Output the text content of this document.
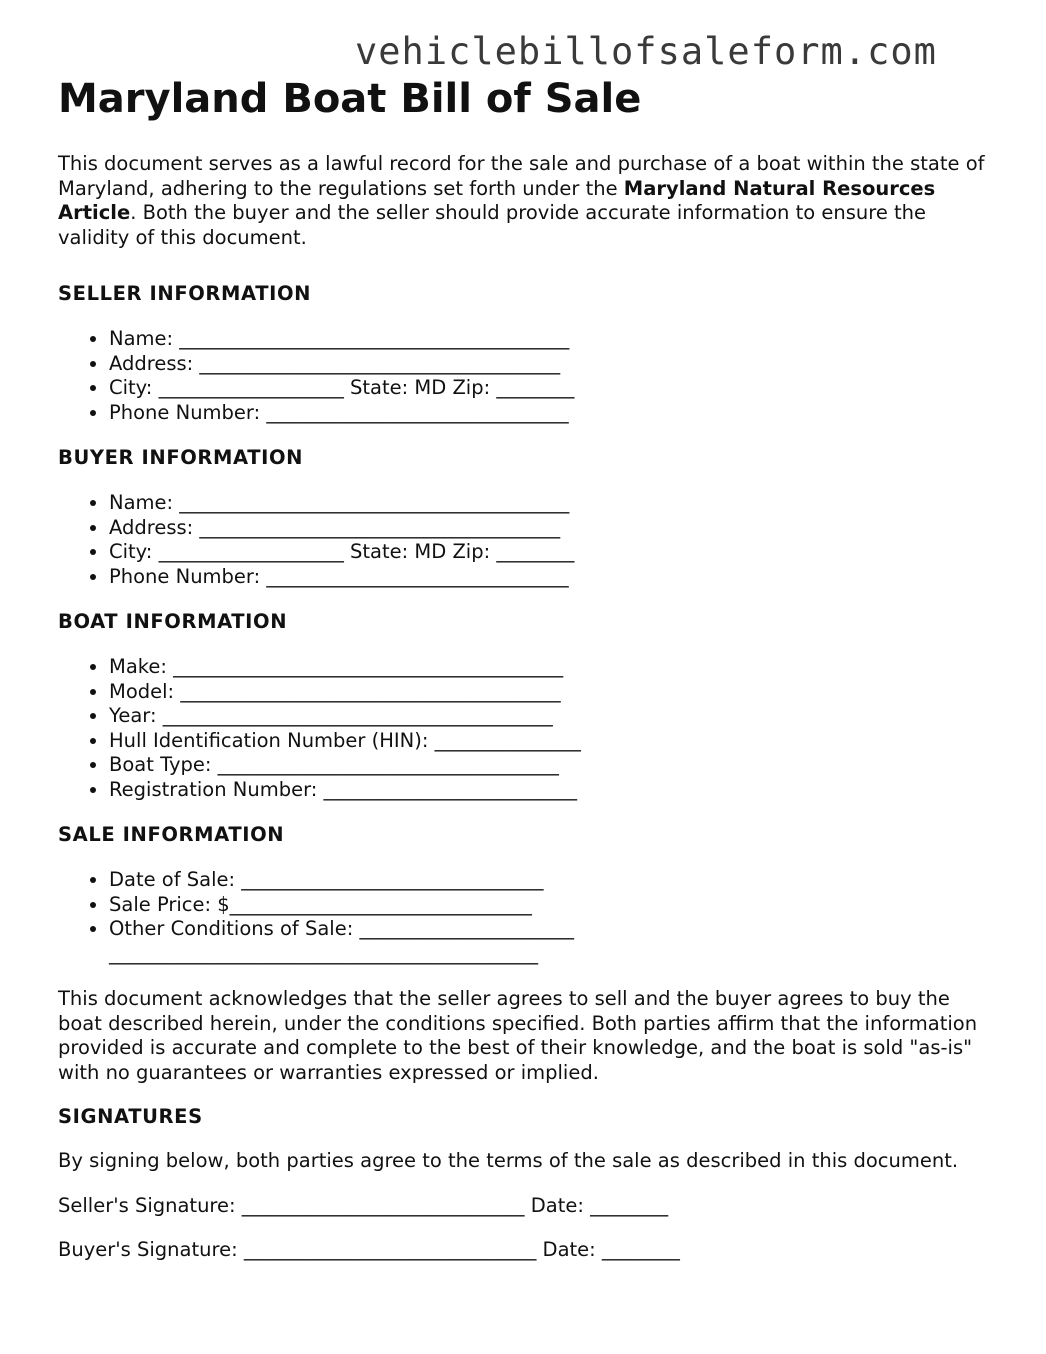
vehiclebillofsaleform.com
Maryland Boat Bill of Sale

This document serves as a lawful record for the sale and purchase of a boat within the state of Maryland, adhering to the regulations set forth under the Maryland Natural Resources Article. Both the buyer and the seller should provide accurate information to ensure the validity of this document.

SELLER INFORMATION
• Name: ________________________________________
• Address: _____________________________________
• City: ___________________ State: MD Zip: ________
• Phone Number: _______________________________
BUYER INFORMATION
• Name: ________________________________________
• Address: _____________________________________
• City: ___________________ State: MD Zip: ________
• Phone Number: _______________________________
BOAT INFORMATION
• Make: ________________________________________
• Model: _______________________________________
• Year: ________________________________________
• Hull Identification Number (HIN): _______________
• Boat Type: ___________________________________
• Registration Number: __________________________
SALE INFORMATION
• Date of Sale: _______________________________
• Sale Price: $_______________________________
• Other Conditions of Sale: ______________________ ____________________________________________

This document acknowledges that the seller agrees to sell and the buyer agrees to buy the boat described herein, under the conditions specified. Both parties affirm that the information provided is accurate and complete to the best of their knowledge, and the boat is sold "as-is" with no guarantees or warranties expressed or implied.

SIGNATURES

By signing below, both parties agree to the terms of the sale as described in this document.

Seller's Signature: _____________________________ Date: ________

Buyer's Signature: ______________________________ Date: ________
